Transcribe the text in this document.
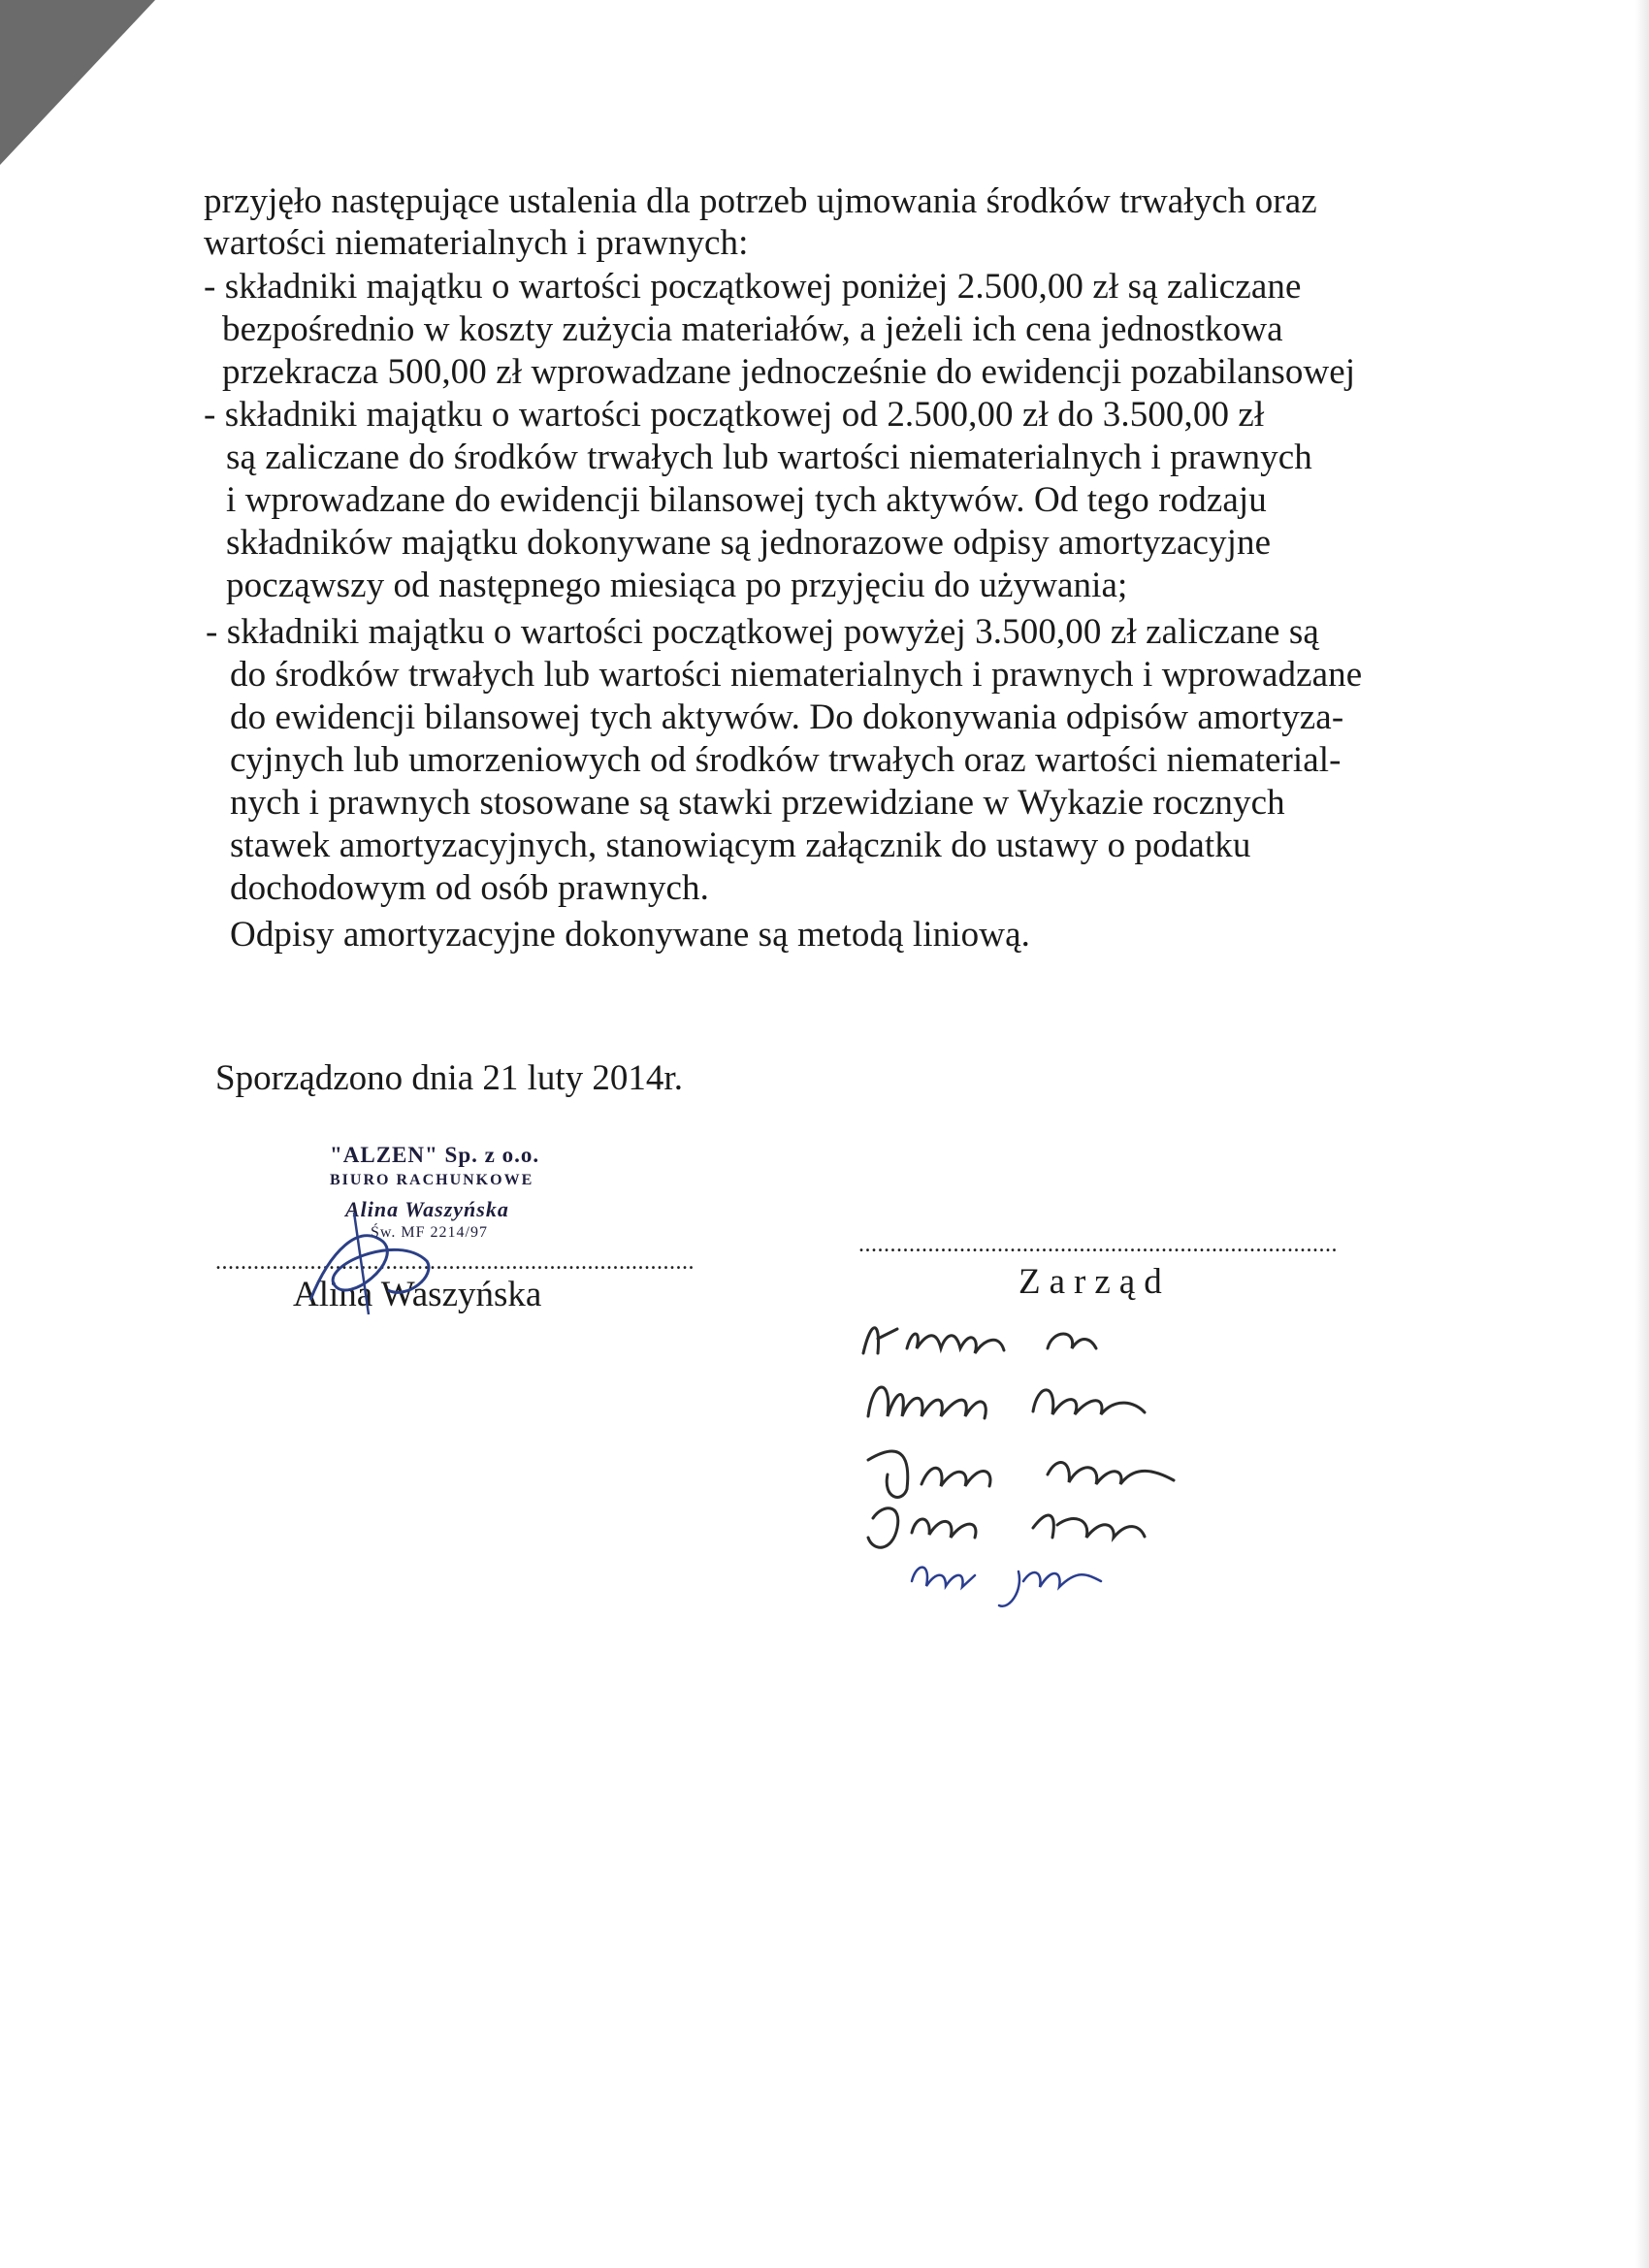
przyjęło następujące ustalenia dla potrzeb ujmowania środków trwałych oraz
wartości niematerialnych i prawnych:
- składniki majątku o wartości początkowej poniżej 2.500,00 zł są zaliczane
bezpośrednio w koszty zużycia materiałów, a jeżeli ich cena jednostkowa
przekracza 500,00 zł wprowadzane jednocześnie do ewidencji pozabilansowej
- składniki majątku o wartości początkowej od 2.500,00 zł do 3.500,00 zł
są zaliczane do środków trwałych lub wartości niematerialnych i prawnych
i wprowadzane do ewidencji bilansowej tych aktywów. Od tego rodzaju
składników majątku dokonywane są jednorazowe odpisy amortyzacyjne
począwszy od następnego miesiąca po przyjęciu do używania;
- składniki majątku o wartości początkowej powyżej 3.500,00 zł zaliczane są
do środków trwałych lub wartości niematerialnych i prawnych i wprowadzane
do ewidencji bilansowej tych aktywów. Do dokonywania odpisów amortyza-
cyjnych lub umorzeniowych od środków trwałych oraz wartości niematerial-
nych i prawnych stosowane są stawki przewidziane w Wykazie rocznych
stawek amortyzacyjnych, stanowiącym załącznik do ustawy o podatku
dochodowym od osób prawnych.
Odpisy amortyzacyjne dokonywane są metodą liniową.
Sporządzono dnia 21 luty 2014r.
"ALZEN" Sp. z o.o.
BIURO RACHUNKOWE
Alina Waszyńska
Św. MF 2214/97
............................................................................
Alina Waszyńska
............................................................................
Zarząd
